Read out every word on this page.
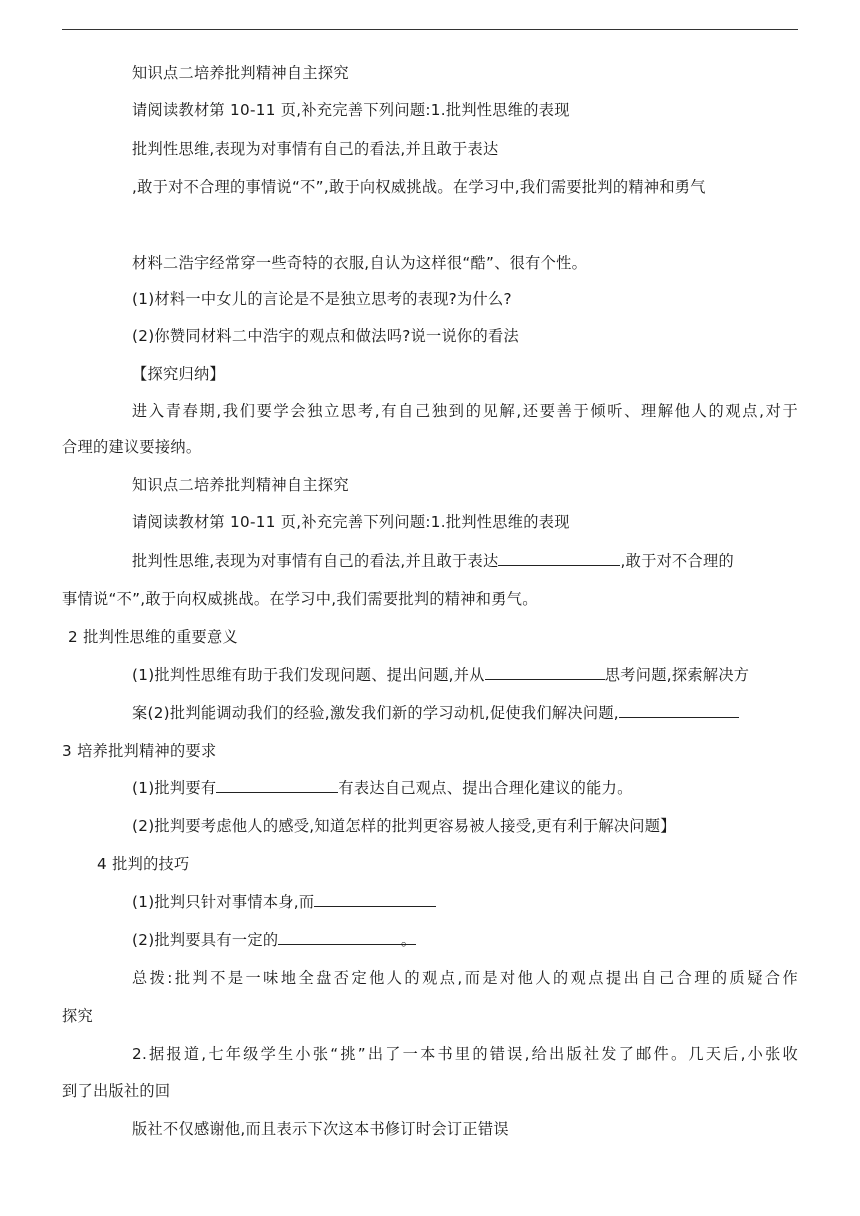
知识点二培养批判精神自主探究
请阅读教材第 10-11 页,补充完善下列问题:1.批判性思维的表现
批判性思维,表现为对事情有自己的看法,并且敢于表达
,敢于对不合理的事情说“不”,敢于向权威挑战。在学习中,我们需要批判的精神和勇气
材料二浩宇经常穿一些奇特的衣服,自认为这样很“酷”、很有个性。
(1)材料一中女儿的言论是不是独立思考的表现?为什么?
(2)你赞同材料二中浩宇的观点和做法吗?说一说你的看法
【探究归纳】
进入青春期,我们要学会独立思考,有自己独到的见解,还要善于倾听、理解他人的观点,对于
合理的建议要接纳。
知识点二培养批判精神自主探究
请阅读教材第 10-11 页,补充完善下列问题:1.批判性思维的表现
批判性思维,表现为对事情有自己的看法,并且敢于表达	,敢于对不合理的
事情说“不”,敢于向权威挑战。在学习中,我们需要批判的精神和勇气。
2 批判性思维的重要意义
(1)批判性思维有助于我们发现问题、提出问题,并从	思考问题,探索解决方
案(2)批判能调动我们的经验,激发我们新的学习动机,促使我们解决问题,
3 培养批判精神的要求
(1)批判要有	有表达自己观点、提出合理化建议的能力。
(2)批判要考虑他人的感受,知道怎样的批判更容易被人接受,更有利于解决问题】
4 批判的技巧
(1)批判只针对事情本身,而
(2)批判要具有一定的	。
总拨:批判不是一味地全盘否定他人的观点,而是对他人的观点提出自己合理的质疑合作
探究
2.据报道,七年级学生小张“挑”出了一本书里的错误,给出版社发了邮件。几天后,小张收
到了出版社的回
版社不仅感谢他,而且表示下次这本书修订时会订正错误
